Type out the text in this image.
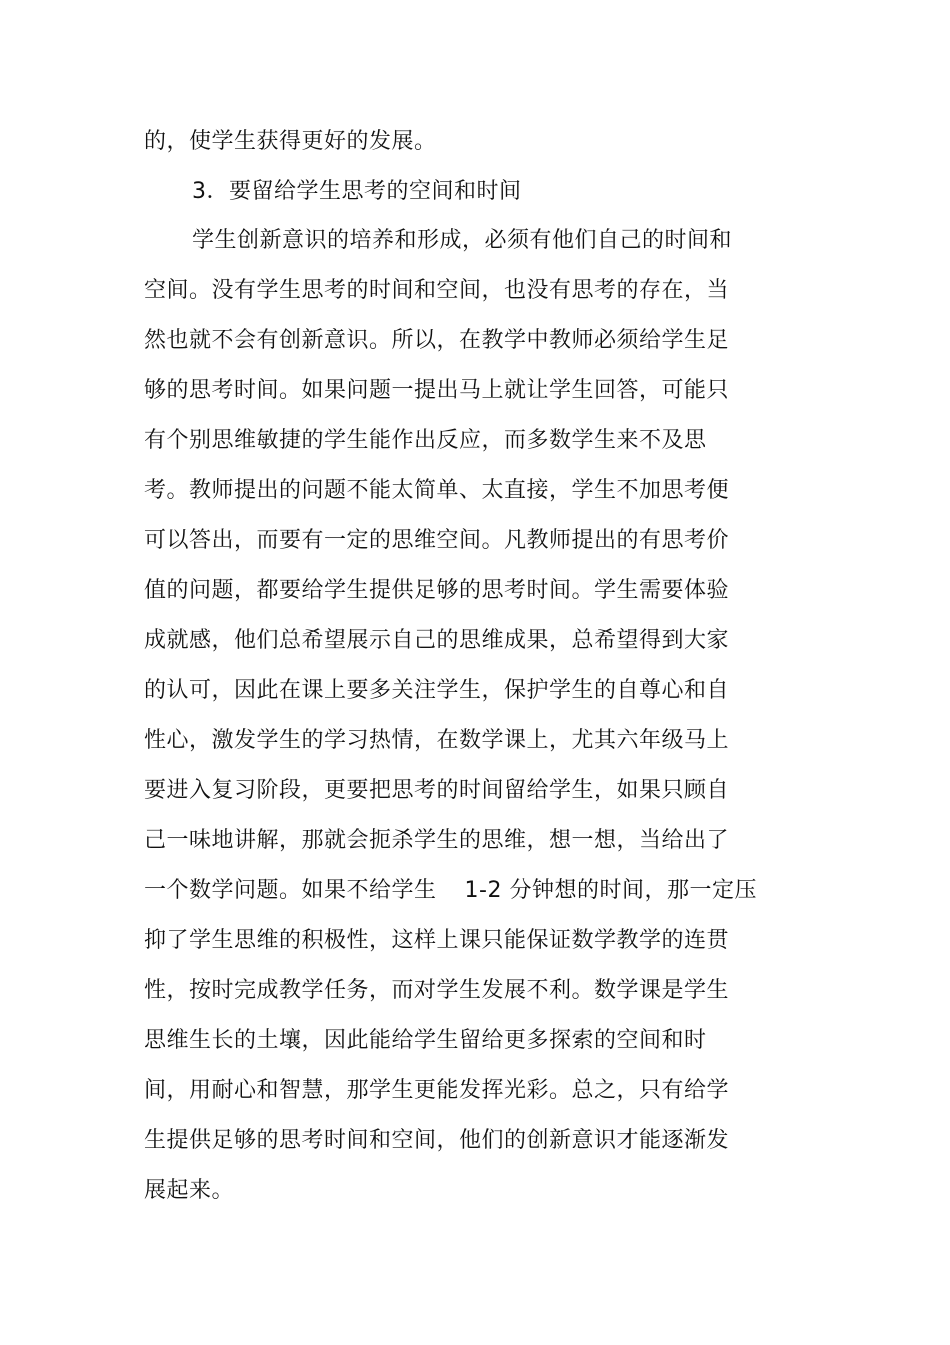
的，使学生获得更好的发展。
3．要留给学生思考的空间和时间
学生创新意识的培养和形成，必须有他们自己的时间和
空间。没有学生思考的时间和空间，也没有思考的存在，当
然也就不会有创新意识。所以，在教学中教师必须给学生足
够的思考时间。如果问题一提出马上就让学生回答，可能只
有个别思维敏捷的学生能作出反应，而多数学生来不及思
考。教师提出的问题不能太简单、太直接，学生不加思考便
可以答出，而要有一定的思维空间。凡教师提出的有思考价
值的问题，都要给学生提供足够的思考时间。学生需要体验
成就感，他们总希望展示自己的思维成果，总希望得到大家
的认可，因此在课上要多关注学生，保护学生的自尊心和自
性心，激发学生的学习热情，在数学课上，尤其六年级马上
要进入复习阶段，更要把思考的时间留给学生，如果只顾自
己一味地讲解，那就会扼杀学生的思维，想一想，当给出了
一个数学问题。如果不给学生 1-2 分钟想的时间，那一定压
抑了学生思维的积极性，这样上课只能保证数学教学的连贯
性，按时完成教学任务，而对学生发展不利。数学课是学生
思维生长的土壤，因此能给学生留给更多探索的空间和时
间，用耐心和智慧，那学生更能发挥光彩。总之，只有给学
生提供足够的思考时间和空间，他们的创新意识才能逐渐发
展起来。
